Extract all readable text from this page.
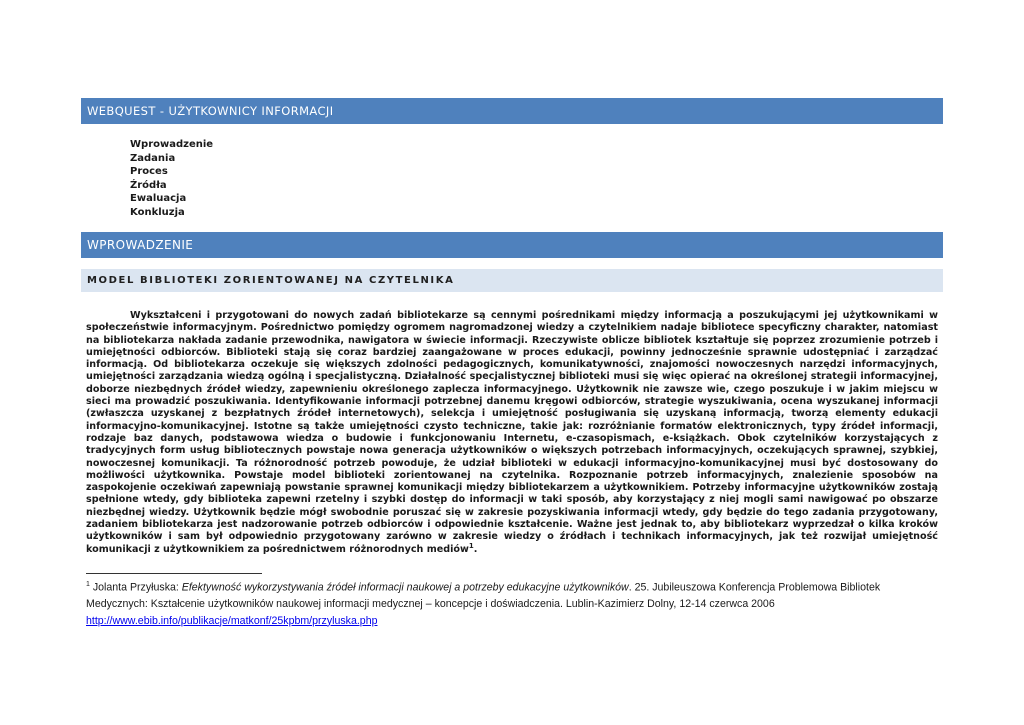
WEBQUEST - UŻYTKOWNICY INFORMACJI
Wprowadzenie
Zadania
Proces
Źródła
Ewaluacja
Konkluzja
WPROWADZENIE
MODEL BIBLIOTEKI ZORIENTOWANEJ NA CZYTELNIKA

Wykształceni i przygotowani do nowych zadań bibliotekarze są cennymi pośrednikami między informacją a poszukującymi jej użytkownikami w społeczeństwie informacyjnym. Pośrednictwo pomiędzy ogromem nagromadzonej wiedzy a czytelnikiem nadaje bibliotece specyficzny charakter, natomiast na bibliotekarza nakłada zadanie przewodnika, nawigatora w świecie informacji. Rzeczywiste oblicze bibliotek kształtuje się poprzez zrozumienie potrzeb i umiejętności odbiorców. Biblioteki stają się coraz bardziej zaangażowane w proces edukacji, powinny jednocześnie sprawnie udostępniać i zarządzać informacją. Od bibliotekarza oczekuje się większych zdolności pedagogicznych, komunikatywności, znajomości nowoczesnych narzędzi informacyjnych, umiejętności zarządzania wiedzą ogólną i specjalistyczną. Działalność specjalistycznej biblioteki musi się więc opierać na określonej strategii informacyjnej, doborze niezbędnych źródeł wiedzy, zapewnieniu określonego zaplecza informacyjnego. Użytkownik nie zawsze wie, czego poszukuje i w jakim miejscu w sieci ma prowadzić poszukiwania. Identyfikowanie informacji potrzebnej danemu kręgowi odbiorców, strategie wyszukiwania, ocena wyszukanej informacji (zwłaszcza uzyskanej z bezpłatnych źródeł internetowych), selekcja i umiejętność posługiwania się uzyskaną informacją, tworzą elementy edukacji informacyjno-komunikacyjnej. Istotne są także umiejętności czysto techniczne, takie jak: rozróżnianie formatów elektronicznych, typy źródeł informacji, rodzaje baz danych, podstawowa wiedza o budowie i funkcjonowaniu Internetu, e-czasopismach, e-książkach. Obok czytelników korzystających z tradycyjnych form usług bibliotecznych powstaje nowa generacja użytkowników o większych potrzebach informacyjnych, oczekujących sprawnej, szybkiej, nowoczesnej komunikacji. Ta różnorodność potrzeb powoduje, że udział biblioteki w edukacji informacyjno-komunikacyjnej musi być dostosowany do możliwości użytkownika. Powstaje model biblioteki zorientowanej na czytelnika. Rozpoznanie potrzeb informacyjnych, znalezienie sposobów na zaspokojenie oczekiwań zapewniają powstanie sprawnej komunikacji między bibliotekarzem a użytkownikiem. Potrzeby informacyjne użytkowników zostają spełnione wtedy, gdy biblioteka zapewni rzetelny i szybki dostęp do informacji w taki sposób, aby korzystający z niej mogli sami nawigować po obszarze niezbędnej wiedzy. Użytkownik będzie mógł swobodnie poruszać się w zakresie pozyskiwania informacji wtedy, gdy będzie do tego zadania przygotowany, zadaniem bibliotekarza jest nadzorowanie potrzeb odbiorców i odpowiednie kształcenie. Ważne jest jednak to, aby bibliotekarz wyprzedzał o kilka kroków użytkowników i sam był odpowiednio przygotowany zarówno w zakresie wiedzy o źródłach i technikach informacyjnych, jak też rozwijał umiejętność komunikacji z użytkownikiem za pośrednictwem różnorodnych mediów$^1$.

$^1$ Jolanta Przyłuska: Efektywność wykorzystywania źródeł informacji naukowej a potrzeby edukacyjne użytkowników. 25. Jubileuszowa Konferencja Problemowa Bibliotek Medycznych: Kształcenie użytkowników naukowej informacji medycznej – koncepcje i doświadczenia. Lublin-Kazimierz Dolny, 12-14 czerwca 2006
http://www.ebib.info/publikacje/matkonf/25kpbm/przyluska.php
